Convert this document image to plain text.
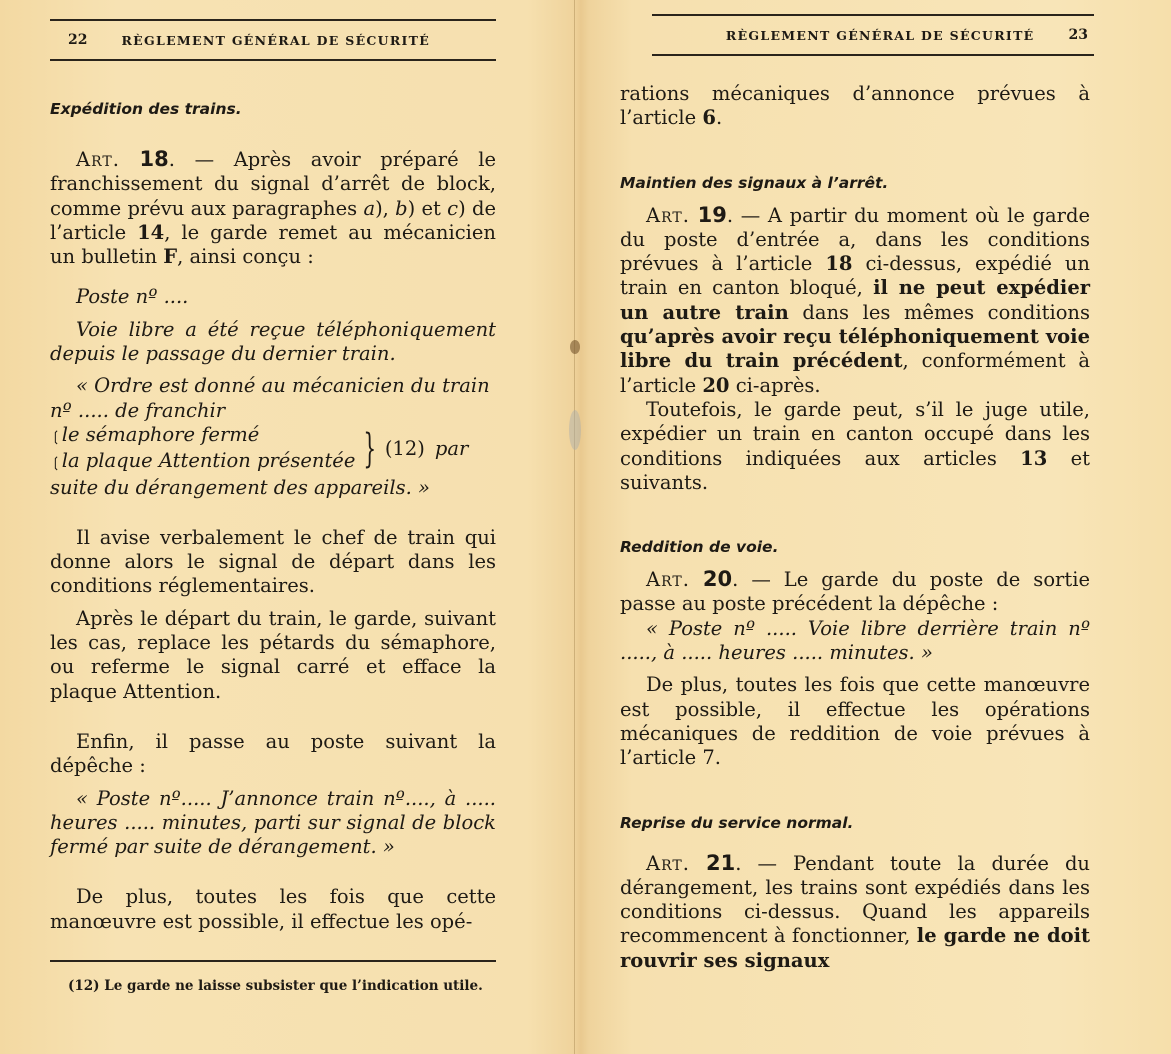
22	RÈGLEMENT GÉNÉRAL DE SÉCURITÉ
Expédition des trains.

Art. 18. — Après avoir préparé le franchissement du signal d’arrêt de block, comme prévu aux paragraphes a), b) et c) de l’article 14, le garde remet au mécanicien un bulletin F, ainsi conçu :

Poste nº ....

Voie libre a été reçue téléphoniquement depuis le passage du dernier train.

« Ordre est donné au mécanicien du train nº ..... de franchir

❲ le sémaphore fermé
❲ la plaque Attention présentée } (12) par

suite du dérangement des appareils. »

Il avise verbalement le chef de train qui donne alors le signal de départ dans les conditions réglementaires.

Après le départ du train, le garde, suivant les cas, replace les pétards du sémaphore, ou referme le signal carré et efface la plaque Attention.

Enfin, il passe au poste suivant la dépêche :

« Poste nº..... J’annonce train nº...., à ..... heures ..... minutes, parti sur signal de block fermé par suite de dérangement. »

De plus, toutes les fois que cette manœuvre est possible, il effectue les opé-

(12) Le garde ne laisse subsister que l’indication utile.
RÈGLEMENT GÉNÉRAL DE SÉCURITÉ 23

rations mécaniques d’annonce prévues à l’article 6.

Maintien des signaux à l’arrêt.

Art. 19. — A partir du moment où le garde du poste d’entrée a, dans les conditions prévues à l’article 18 ci-dessus, expédié un train en canton bloqué, il ne peut expédier un autre train dans les mêmes conditions qu’après avoir reçu téléphoniquement voie libre du train précédent, conformément à l’article 20 ci-après.

Toutefois, le garde peut, s’il le juge utile, expédier un train en canton occupé dans les conditions indiquées aux articles 13 et suivants.

Reddition de voie.

Art. 20. — Le garde du poste de sortie passe au poste précédent la dépêche :

« Poste nº ..... Voie libre derrière train nº ....., à ..... heures ..... minutes. »

De plus, toutes les fois que cette manœuvre est possible, il effectue les opérations mécaniques de reddition de voie prévues à l’article 7.

Reprise du service normal.

Art. 21. — Pendant toute la durée du dérangement, les trains sont expédiés dans les conditions ci-dessus. Quand les appareils recommencent à fonctionner, le garde ne doit rouvrir ses signaux
